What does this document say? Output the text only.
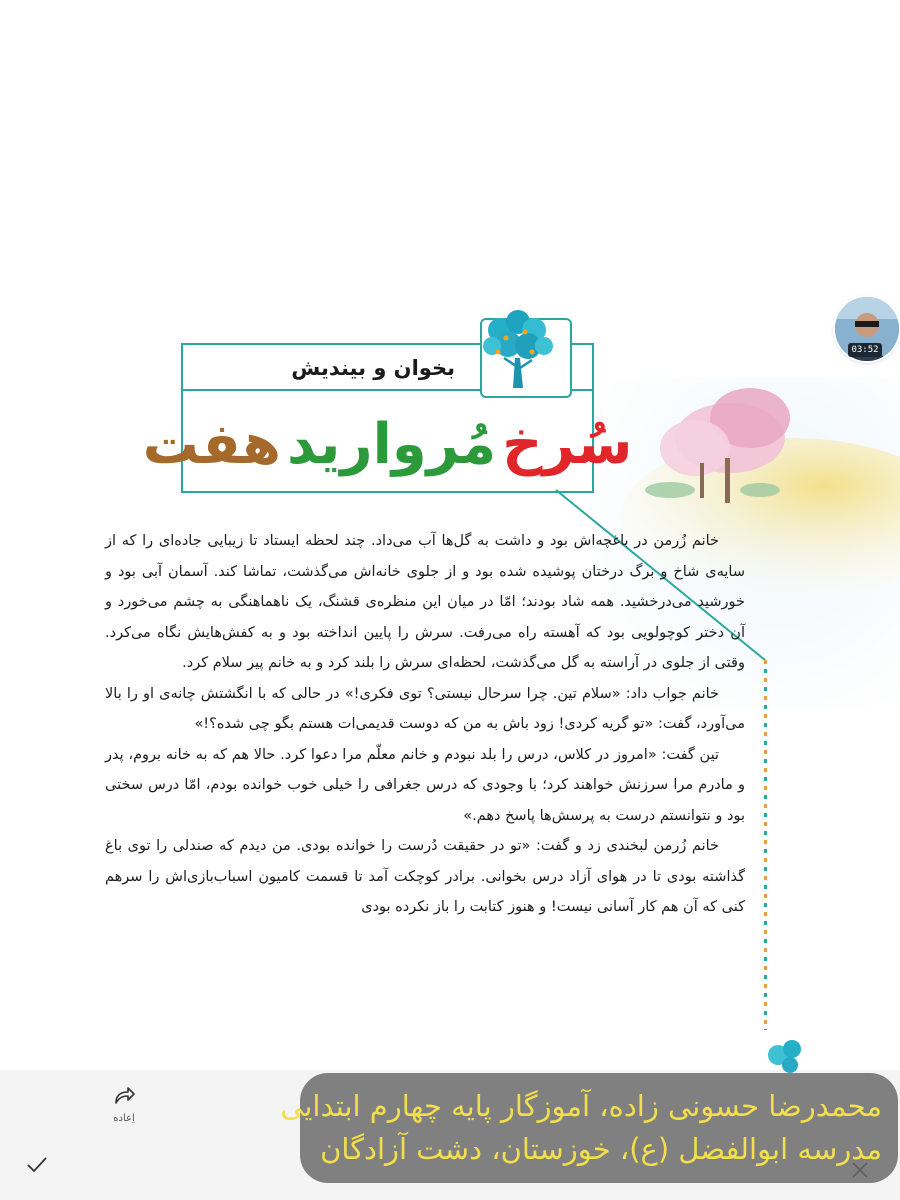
03:52
بخوان و بیندیش
هفت مُروارید سُرخ

خانم زُرمن در باغچه‌اش بود و داشت به گل‌ها آب می‌داد. چند لحظه ایستاد تا زیبایی جاده‌ای را که از سایه‌ی شاخ و برگ درختان پوشیده شده بود و از جلوی خانه‌اش می‌گذشت، تماشا کند. آسمان آبی بود و خورشید می‌درخشید. همه شاد بودند؛ امّا در میان این منظره‌ی قشنگ، یک ناهماهنگی به چشم می‌خورد و آن دختر کوچولویی بود که آهسته راه می‌رفت. سرش را پایین انداخته بود و به کفش‌هایش نگاه می‌کرد. وقتی از جلوی در آراسته به گل می‌گذشت، لحظه‌ای سرش را بلند کرد و به خانم پیر سلام کرد.

خانم جواب داد: «سلام تین. چرا سرحال نیستی؟ توی فکری!» در حالی که با انگشتش چانه‌ی او را بالا می‌آورد، گفت: «تو گریه کردی! زود باش به من که دوست قدیمی‌ات هستم بگو چی شده؟!»

تین گفت: «امروز در کلاس، درس را بلد نبودم و خانم معلّم مرا دعوا کرد. حالا هم که به خانه بروم، پدر و مادرم مرا سرزنش خواهند کرد؛ با وجودی که درس جغرافی را خیلی خوب خوانده بودم، امّا درس سختی بود و نتوانستم درست به پرسش‌ها پاسخ دهم.»

خانم زُرمن لبخندی زد و گفت: «تو در حقیقت دُرست را خوانده بودی. من دیدم که صندلی را توی باغ گذاشته بودی تا در هوای آزاد درس بخوانی. برادر کوچکت آمد تا قسمت کامیون اسباب‌بازی‌اش را سرهم کنی که آن هم کار آسانی نیست! و هنوز کتابت را باز نکرده بودی

اِعاده	محمدرضا حسونی زاده، آموزگار پایه چهارم ابتدایی
مدرسه ابوالفضل (ع)، خوزستان، دشت آزادگان
